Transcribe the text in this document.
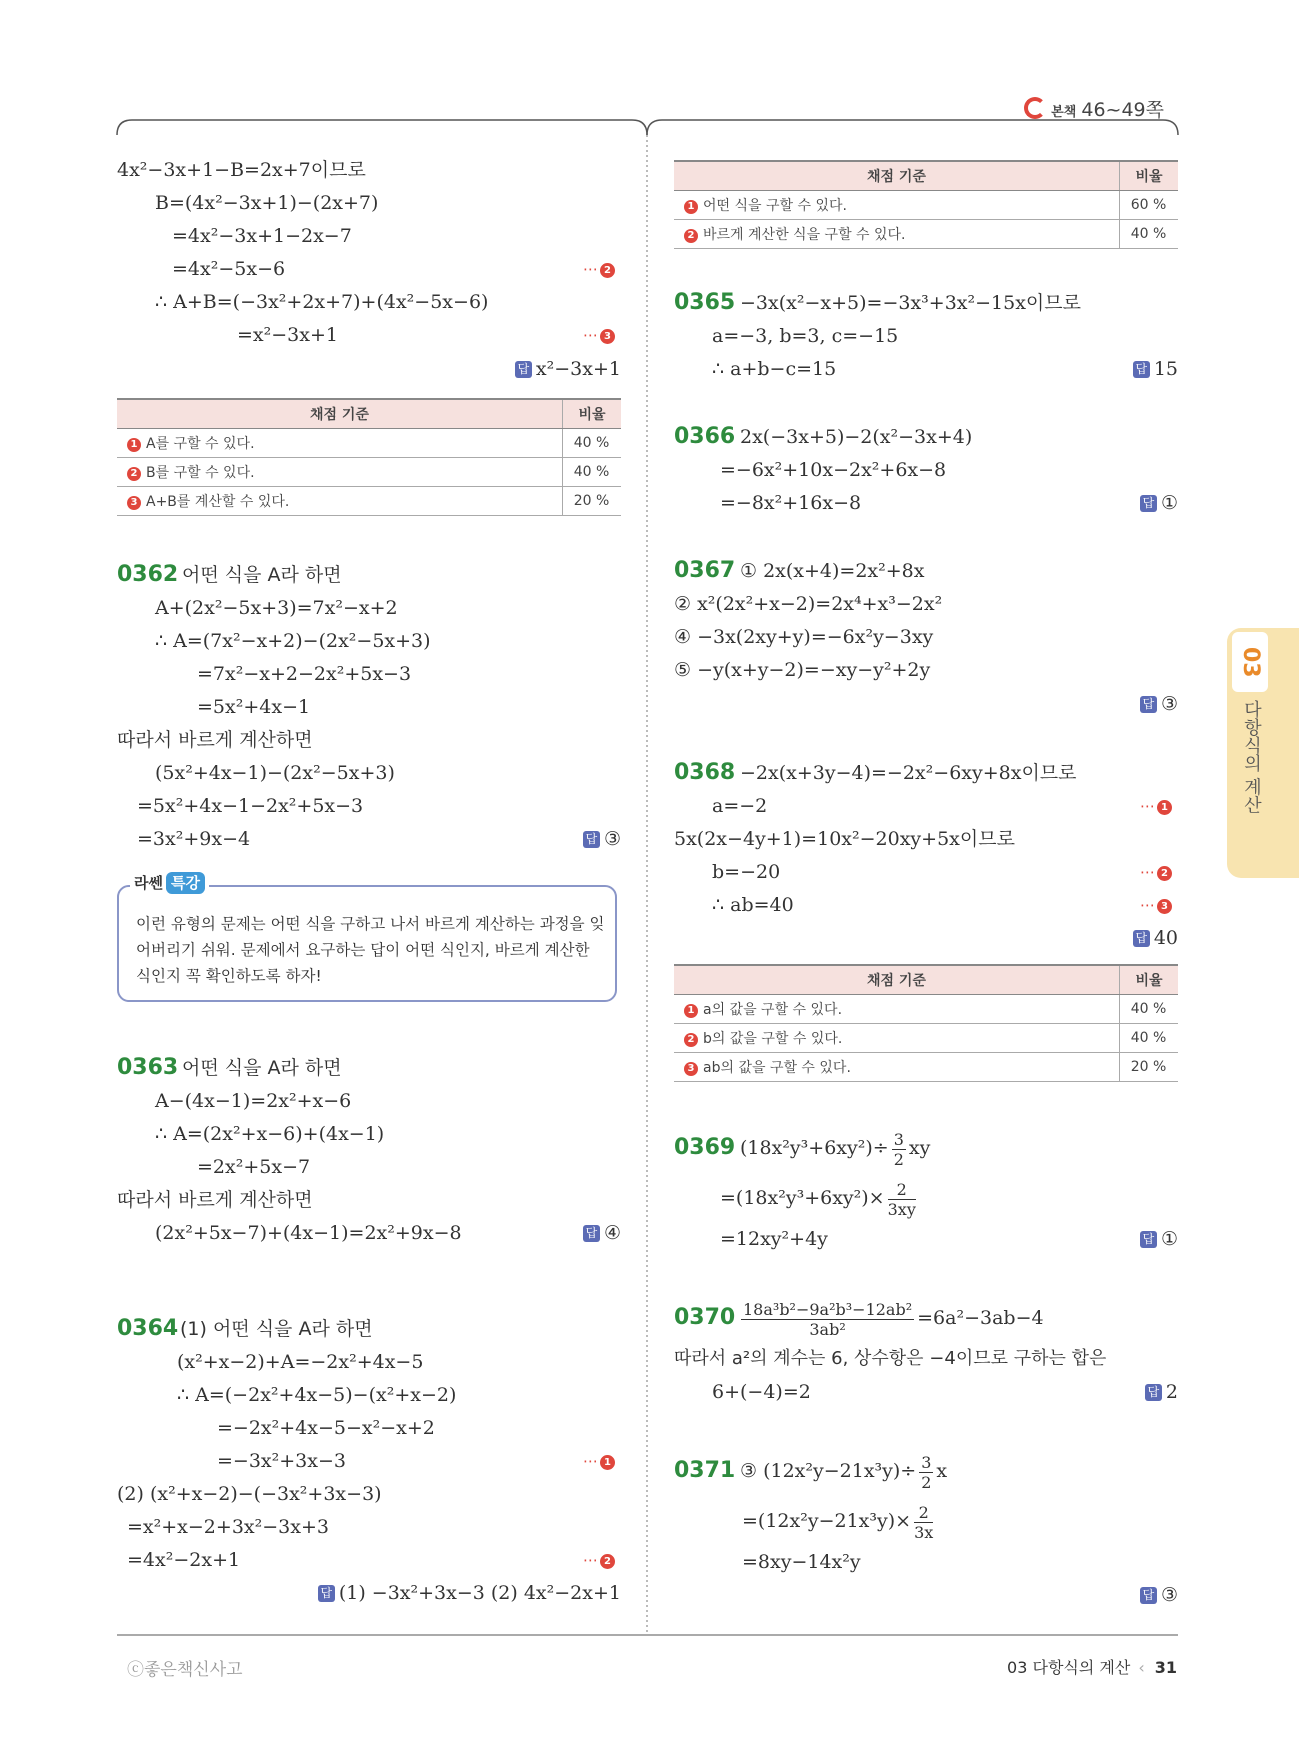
본책 46~49쪽
03
다항식의 계산
4x²−3x+1−B=2x+7이므로
B=(4x²−3x+1)−(2x+7)
=4x²−3x+1−2x−7
=4x²−5x−6	⋯ 2
∴ A+B=(−3x²+2x+7)+(4x²−5x−6)
=x²−3x+1	⋯ 3
답 x²−3x+1
채점 기준	비율
1 A를 구할 수 있다.	40 %
2 B를 구할 수 있다.	40 %
3 A+B를 계산할 수 있다.	20 %
0362 어떤 식을 A라 하면
A+(2x²−5x+3)=7x²−x+2
∴ A=(7x²−x+2)−(2x²−5x+3)
=7x²−x+2−2x²+5x−3
=5x²+4x−1
따라서 바르게 계산하면
(5x²+4x−1)−(2x²−5x+3)
=5x²+4x−1−2x²+5x−3
=3x²+9x−4	답 ③

이런 유형의 문제는 어떤 식을 구하고 나서 바르게 계산하는 과정을 잊어버리기 쉬워. 문제에서 요구하는 답이 어떤 식인지, 바르게 계산한 식인지 꼭 확인하도록 하자!

라쎈 특강
0363 어떤 식을 A라 하면
A−(4x−1)=2x²+x−6
∴ A=(2x²+x−6)+(4x−1)
=2x²+5x−7
따라서 바르게 계산하면
(2x²+5x−7)+(4x−1)=2x²+9x−8	답 ④
0364 (1) 어떤 식을 A라 하면
(x²+x−2)+A=−2x²+4x−5
∴ A=(−2x²+4x−5)−(x²+x−2)
=−2x²+4x−5−x²−x+2
=−3x²+3x−3	⋯ 1
(2) (x²+x−2)−(−3x²+3x−3)
=x²+x−2+3x²−3x+3
=4x²−2x+1	⋯ 2
답 (1) −3x²+3x−3 (2) 4x²−2x+1
채점 기준	비율
1 어떤 식을 구할 수 있다.	60 %
2 바르게 계산한 식을 구할 수 있다.	40 %
0365 −3x(x²−x+5)=−3x³+3x²−15x이므로
a=−3, b=3, c=−15
∴ a+b−c=15	답 15
0366 2x(−3x+5)−2(x²−3x+4)
=−6x²+10x−2x²+6x−8
=−8x²+16x−8	답 ①
0367 ① 2x(x+4)=2x²+8x
② x²(2x²+x−2)=2x⁴+x³−2x²
④ −3x(2xy+y)=−6x²y−3xy
⑤ −y(x+y−2)=−xy−y²+2y
답 ③
0368 −2x(x+3y−4)=−2x²−6xy+8x이므로
a=−2	⋯ 1
5x(2x−4y+1)=10x²−20xy+5x이므로
b=−20	⋯ 2
∴ ab=40	⋯ 3
답 40
채점 기준	비율
1 a의 값을 구할 수 있다.	40 %
2 b의 값을 구할 수 있다.	40 %
3 ab의 값을 구할 수 있다.	20 %
0369 $(18x^2y^3+6xy^2)\div \frac{3}{2}$ xy
$=(18x^2y^3+6xy^2)\times \frac{2}{3xy}$
=12xy²+4y	답 ①
$0370 \frac{\text{18a³b²−9a²b³−12ab²}}{\text{3ab²}} =6a^2-3ab-4$
따라서 a²의 계수는 6, 상수항은 −4이므로 구하는 합은
6+(−4)=2	답 2
0371 ③ $(12x^2y-21x^3y)\div \frac{3}{2}$ x
$=(12x^2y-21x^3y)\times \frac{2}{3x}$
=8xy−14x²y
답 ③
ⓒ좋은책신사고	03 다항식의 계산 ‹ 31
